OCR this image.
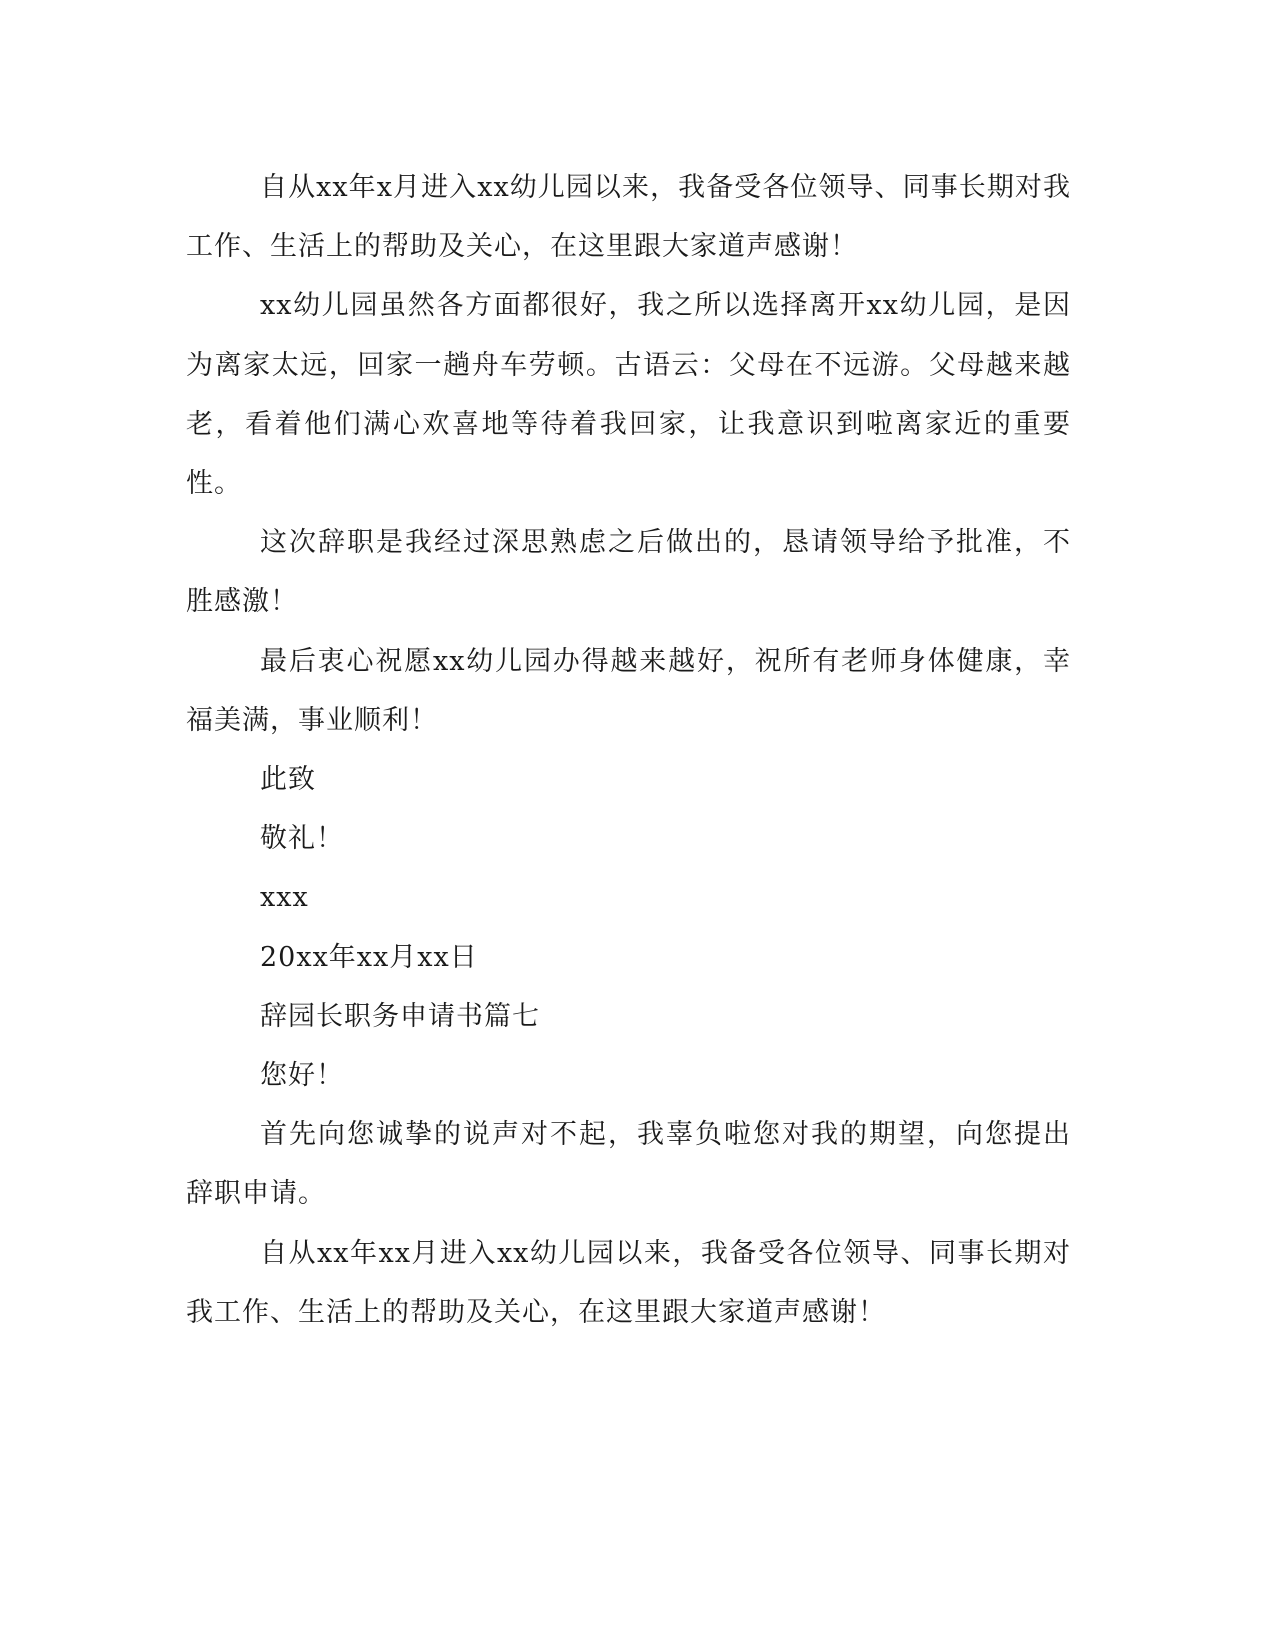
自从xx年x月进入xx幼儿园以来，我备受各位领导、同事长期对我工作、生活上的帮助及关心，在这里跟大家道声感谢！

xx幼儿园虽然各方面都很好，我之所以选择离开xx幼儿园，是因为离家太远，回家一趟舟车劳顿。古语云：父母在不远游。父母越来越老，看着他们满心欢喜地等待着我回家，让我意识到啦离家近的重要性。

这次辞职是我经过深思熟虑之后做出的，恳请领导给予批准，不胜感激！

最后衷心祝愿xx幼儿园办得越来越好，祝所有老师身体健康，幸福美满，事业顺利！

此致

敬礼！

xxx

20xx年xx月xx日

辞园长职务申请书篇七

您好！

首先向您诚挚的说声对不起，我辜负啦您对我的期望，向您提出辞职申请。

自从xx年xx月进入xx幼儿园以来，我备受各位领导、同事长期对我工作、生活上的帮助及关心，在这里跟大家道声感谢！
